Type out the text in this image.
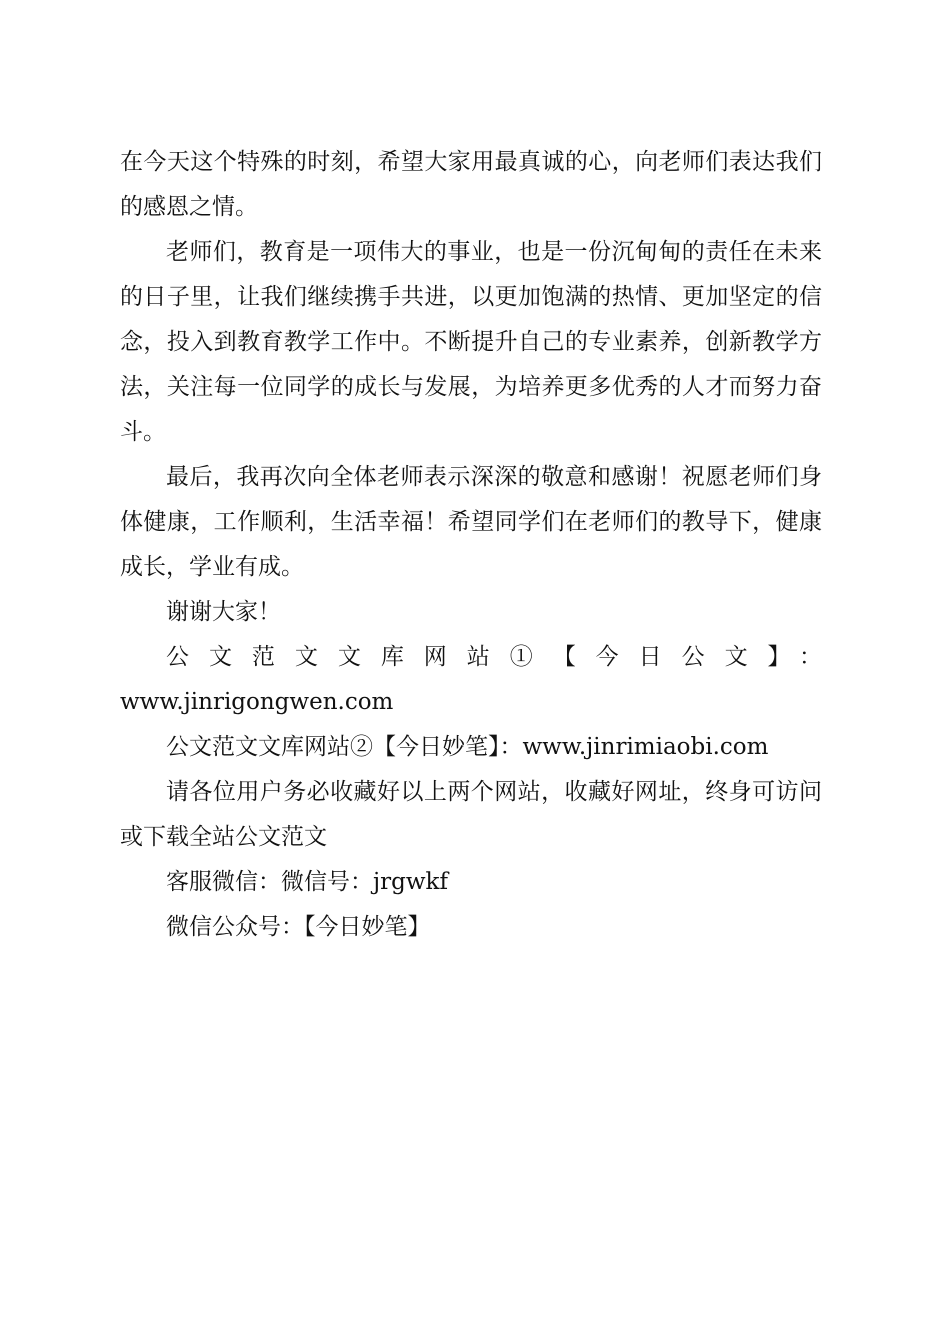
在今天这个特殊的时刻，希望大家用最真诚的心，向老师们表达我们的感恩之情。

老师们，教育是一项伟大的事业，也是一份沉甸甸的责任在未来的日子里，让我们继续携手共进，以更加饱满的热情、更加坚定的信念，投入到教育教学工作中。不断提升自己的专业素养，创新教学方法，关注每一位同学的成长与发展，为培养更多优秀的人才而努力奋斗。

最后，我再次向全体老师表示深深的敬意和感谢！祝愿老师们身体健康，工作顺利，生活幸福！希望同学们在老师们的教导下，健康成长，学业有成。

谢谢大家！

公文范文文库网站①【今日公文】：
www.jinrigongwen.com
公文范文文库网站②【今日妙笔】：www.jinrimiaobi.com

请各位用户务必收藏好以上两个网站，收藏好网址，终身可访问或下载全站公文范文

客服微信：微信号：jrgwkf

微信公众号：【今日妙笔】
